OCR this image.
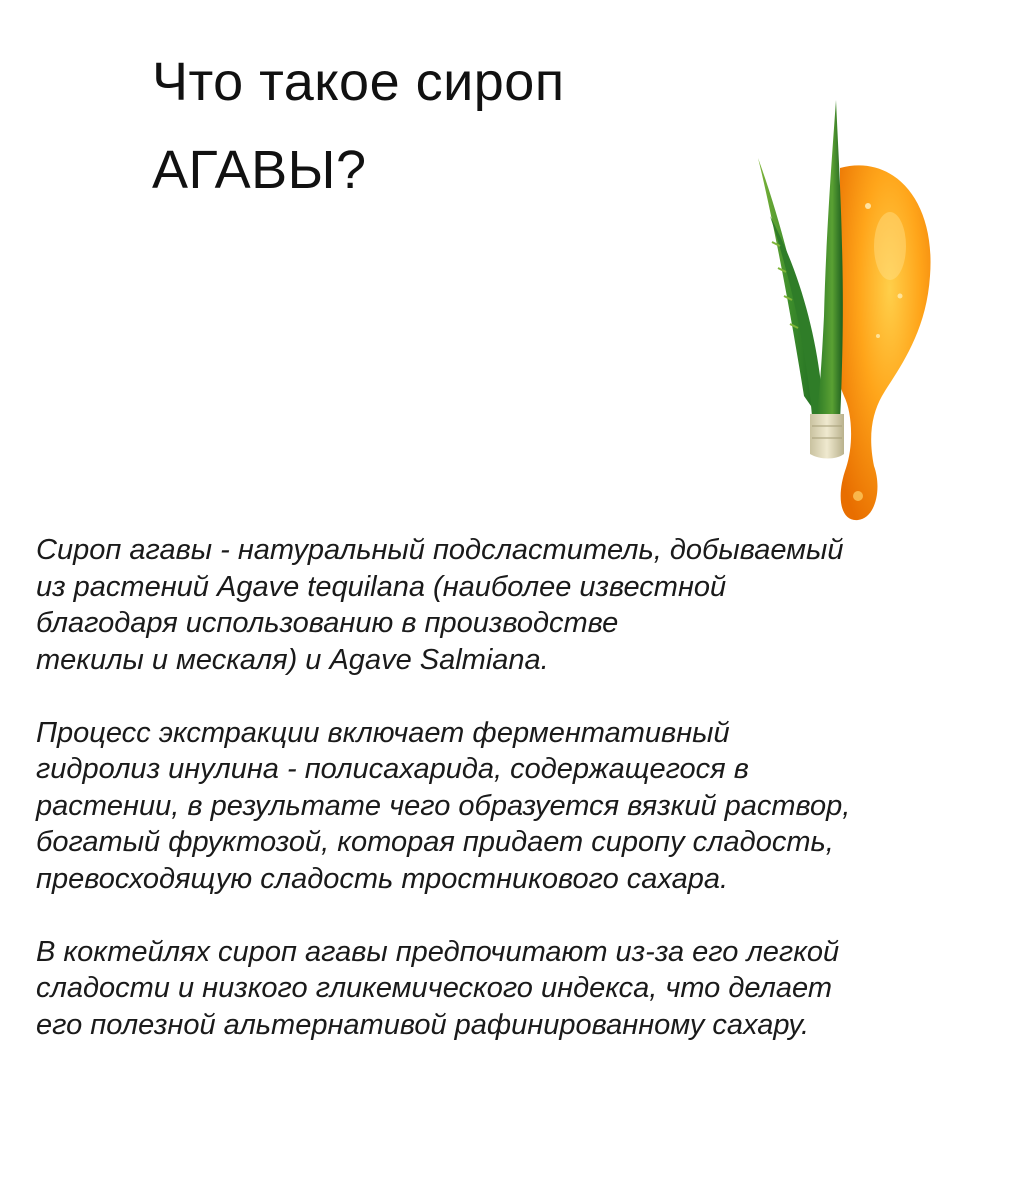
Что такое сироп
АГАВЫ?

Сироп агавы - натуральный подсластитель, добываемый
из растений Agave tequilana (наиболее известной
благодаря использованию в производстве
текилы и мескаля) и Agave Salmiana.

Процесс экстракции включает ферментативный
гидролиз инулина - полисахарида, содержащегося в
растении, в результате чего образуется вязкий раствор,
богатый фруктозой, которая придает сиропу сладость,
превосходящую сладость тростникового сахара.

В коктейлях сироп агавы предпочитают из-за его легкой
сладости и низкого гликемического индекса, что делает
его полезной альтернативой рафинированному сахару.
